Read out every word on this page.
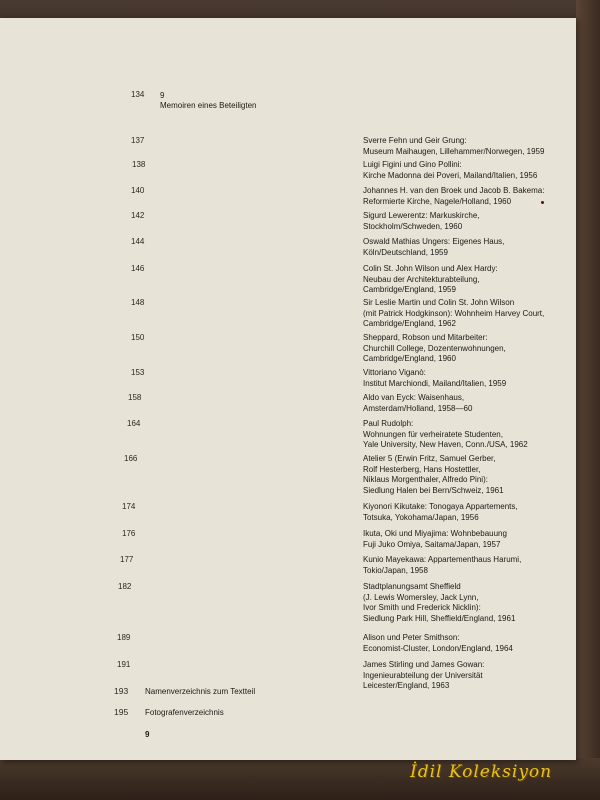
134 9
Memoiren eines Beteiligten
137	Sverre Fehn und Geir Grung:
Museum Maihaugen, Lillehammer/Norwegen, 1959
138	Luigi Figini und Gino Pollini:
Kirche Madonna dei Poveri, Mailand/Italien, 1956
140	Johannes H. van den Broek und Jacob B. Bakema:
Reformierte Kirche, Nagele/Holland, 1960
142	Sigurd Lewerentz: Markuskirche,
Stockholm/Schweden, 1960
144	Oswald Mathias Ungers: Eigenes Haus,
Köln/Deutschland, 1959
146	Colin St. John Wilson und Alex Hardy:
Neubau der Architekturabteilung,
Cambridge/England, 1959
148	Sir Leslie Martin und Colin St. John Wilson
(mit Patrick Hodgkinson): Wohnheim Harvey Court,
Cambridge/England, 1962
150	Sheppard, Robson und Mitarbeiter:
Churchill College, Dozentenwohnungen,
Cambridge/England, 1960
153	Vittoriano Viganò:
Institut Marchiondi, Mailand/Italien, 1959
158	Aldo van Eyck: Waisenhaus,
Amsterdam/Holland, 1958—60
164	Paul Rudolph:
Wohnungen für verheiratete Studenten,
Yale University, New Haven, Conn./USA, 1962
166	Atelier 5 (Erwin Fritz, Samuel Gerber,
Rolf Hesterberg, Hans Hostettler,
Niklaus Morgenthaler, Alfredo Pini):
Siedlung Halen bei Bern/Schweiz, 1961
174	Kiyonori Kikutake: Tonogaya Appartements,
Totsuka, Yokohama/Japan, 1956
176	Ikuta, Oki und Miyajima: Wohnbebauung
Fuji Juko Omiya, Saitama/Japan, 1957
177	Kunio Mayekawa: Appartementhaus Harumi,
Tokio/Japan, 1958
182	Stadtplanungsamt Sheffield
(J. Lewis Womersley, Jack Lynn,
Ivor Smith und Frederick Nicklin):
Siedlung Park Hill, Sheffield/England, 1961
189	Alison und Peter Smithson:
Economist-Cluster, London/England, 1964
191	James Stirling und James Gowan:
Ingenieurabteilung der Universität
Leicester/England, 1963
193 Namenverzeichnis zum Textteil
195 Fotografenverzeichnis
9
İdil Koleksiyon
